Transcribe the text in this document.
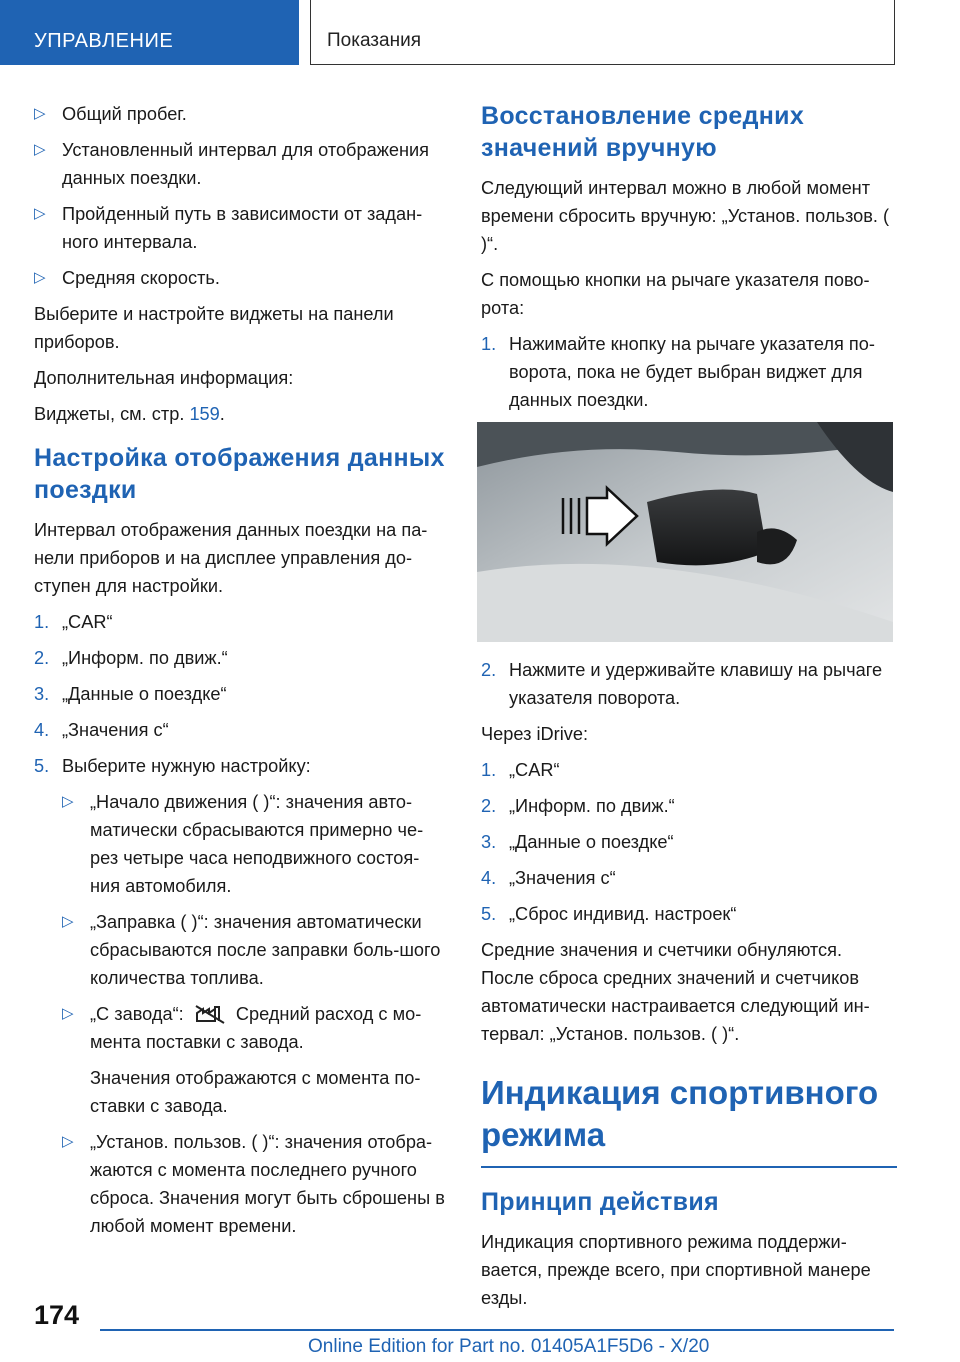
УПРАВЛЕНИЕ	Показания
▷ Общий пробег.
▷ Установленный интервал для отображения данных поездки.
▷ Пройденный путь в зависимости от задан-ного интервала.
▷ Средняя скорость.

Выберите и настройте виджеты на панели приборов.

Дополнительная информация:

Виджеты, см. стр. 159.

Настройка отображения данных поездки

Интервал отображения данных поездки на па-нели приборов и на дисплее управления до-ступен для настройки.

1. „CAR“
2. „Информ. по движ.“
3. „Данные о поездке“
4. „Значения с“
5. Выберите нужную настройку:
▷ „Начало движения ( )“: значения авто-матически сбрасываются примерно че-рез четыре часа неподвижного состоя-ния автомобиля.
▷ „Заправка ( )“: значения автоматически сбрасываются после заправки боль-шого количества топлива.
▷ „С завода“:	Средний расход с мо-мента поставки с завода.

Значения отображаются с момента по-ставки с завода.

▷ „Установ. пользов. ( )“: значения отобра-жаются с момента последнего ручного сброса. Значения могут быть сброшены в любой момент времени.
Восстановление средних значений вручную

Следующий интервал можно в любой момент времени сбросить вручную: „Установ. пользов. ( )“.

С помощью кнопки на рычаге указателя пово-рота:

1. Нажимайте кнопку на рычаге указателя по-ворота, пока не будет выбран виджет для данных поездки.
2. Нажмите и удерживайте клавишу на рычаге указателя поворота.

Через iDrive:

1. „CAR“
2. „Информ. по движ.“
3. „Данные о поездке“
4. „Значения с“
5. „Сброс индивид. настроек“

Средние значения и счетчики обнуляются. После сброса средних значений и счетчиков автоматически настраивается следующий ин-тервал: „Установ. пользов. ( )“.

Индикация спортивного режима
Принцип действия

Индикация спортивного режима поддержи-вается, прежде всего, при спортивной манере езды.

174
Online Edition for Part no. 01405A1F5D6 - X/20
